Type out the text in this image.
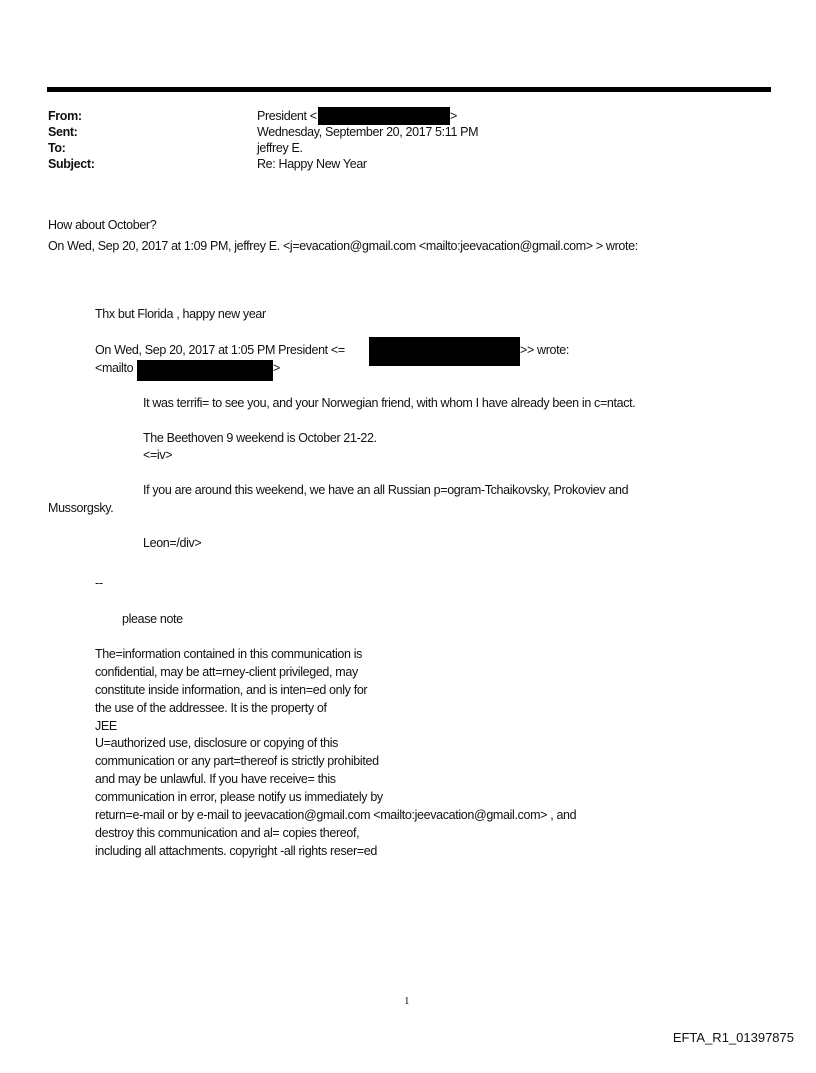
From:	President <	>
Sent:	Wednesday, September 20, 2017 5:11 PM
To:	jeffrey E.
Subject:	Re: Happy New Year
How about October?
On Wed, Sep 20, 2017 at 1:09 PM, jeffrey E. <j=evacation@gmail.com <mailto:jeevacation@gmail.com> > wrote:
Thx but Florida , happy new year
On Wed, Sep 20, 2017 at 1:05 PM President <=	>> wrote:
<mailto	>
It was terrifi= to see you, and your Norwegian friend, with whom I have already been in c=ntact.
The Beethoven 9 weekend is October 21-22.
<=iv>
If you are around this weekend, we have an all Russian p=ogram-Tchaikovsky, Prokoviev and
Mussorgsky.
Leon=/div>
--
please note
The=information contained in this communication is
confidential, may be att=rney-client privileged, may
constitute inside information, and is inten=ed only for
the use of the addressee. It is the property of
JEE
U=authorized use, disclosure or copying of this
communication or any part=thereof is strictly prohibited
and may be unlawful. If you have receive= this
communication in error, please notify us immediately by
return=e-mail or by e-mail to jeevacation@gmail.com <mailto:jeevacation@gmail.com> , and
destroy this communication and al= copies thereof,
including all attachments. copyright -all rights reser=ed
1
EFTA_R1_01397875
